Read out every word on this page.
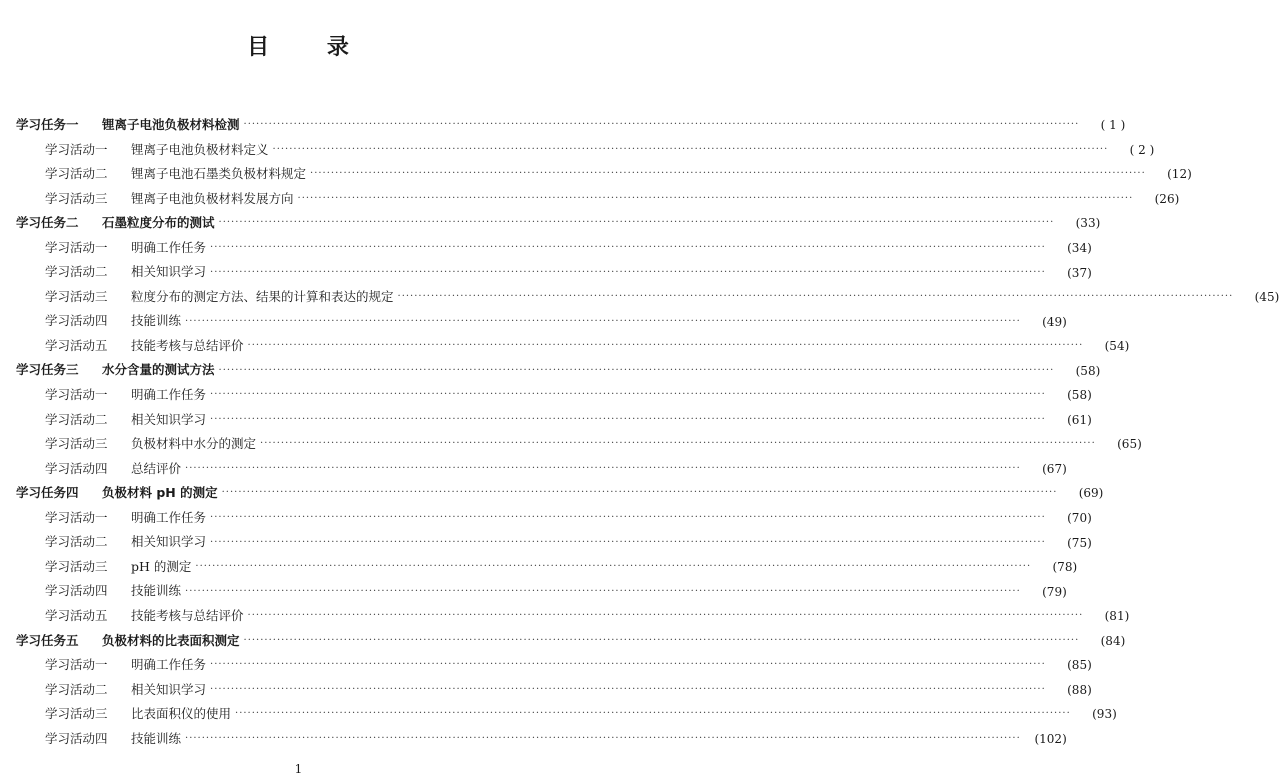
目 录
学习任务一	锂离子电池负极材料检测 ········································································································································································································	( 1 )
学习活动一	锂离子电池负极材料定义 ········································································································································································································	( 2 )
学习活动二	锂离子电池石墨类负极材料规定 ········································································································································································································	(12)
学习活动三	锂离子电池负极材料发展方向 ········································································································································································································	(26)
学习任务二	石墨粒度分布的测试 ········································································································································································································	(33)
学习活动一	明确工作任务 ········································································································································································································	(34)
学习活动二	相关知识学习 ········································································································································································································	(37)
学习活动三	粒度分布的测定方法、结果的计算和表达的规定 ········································································································································································································	(45)
学习活动四	技能训练 ········································································································································································································	(49)
学习活动五	技能考核与总结评价 ········································································································································································································	(54)
学习任务三	水分含量的测试方法 ········································································································································································································	(58)
学习活动一	明确工作任务 ········································································································································································································	(58)
学习活动二	相关知识学习 ········································································································································································································	(61)
学习活动三	负极材料中水分的测定 ········································································································································································································	(65)
学习活动四	总结评价 ········································································································································································································	(67)
学习任务四	负极材料 pH 的测定 ········································································································································································································	(69)
学习活动一	明确工作任务 ········································································································································································································	(70)
学习活动二	相关知识学习 ········································································································································································································	(75)
学习活动三	pH 的测定 ········································································································································································································	(78)
学习活动四	技能训练 ········································································································································································································	(79)
学习活动五	技能考核与总结评价 ········································································································································································································	(81)
学习任务五	负极材料的比表面积测定 ········································································································································································································	(84)
学习活动一	明确工作任务 ········································································································································································································	(85)
学习活动二	相关知识学习 ········································································································································································································	(88)
学习活动三	比表面积仪的使用 ········································································································································································································	(93)
学习活动四	技能训练 ········································································································································································································	(102)
1
